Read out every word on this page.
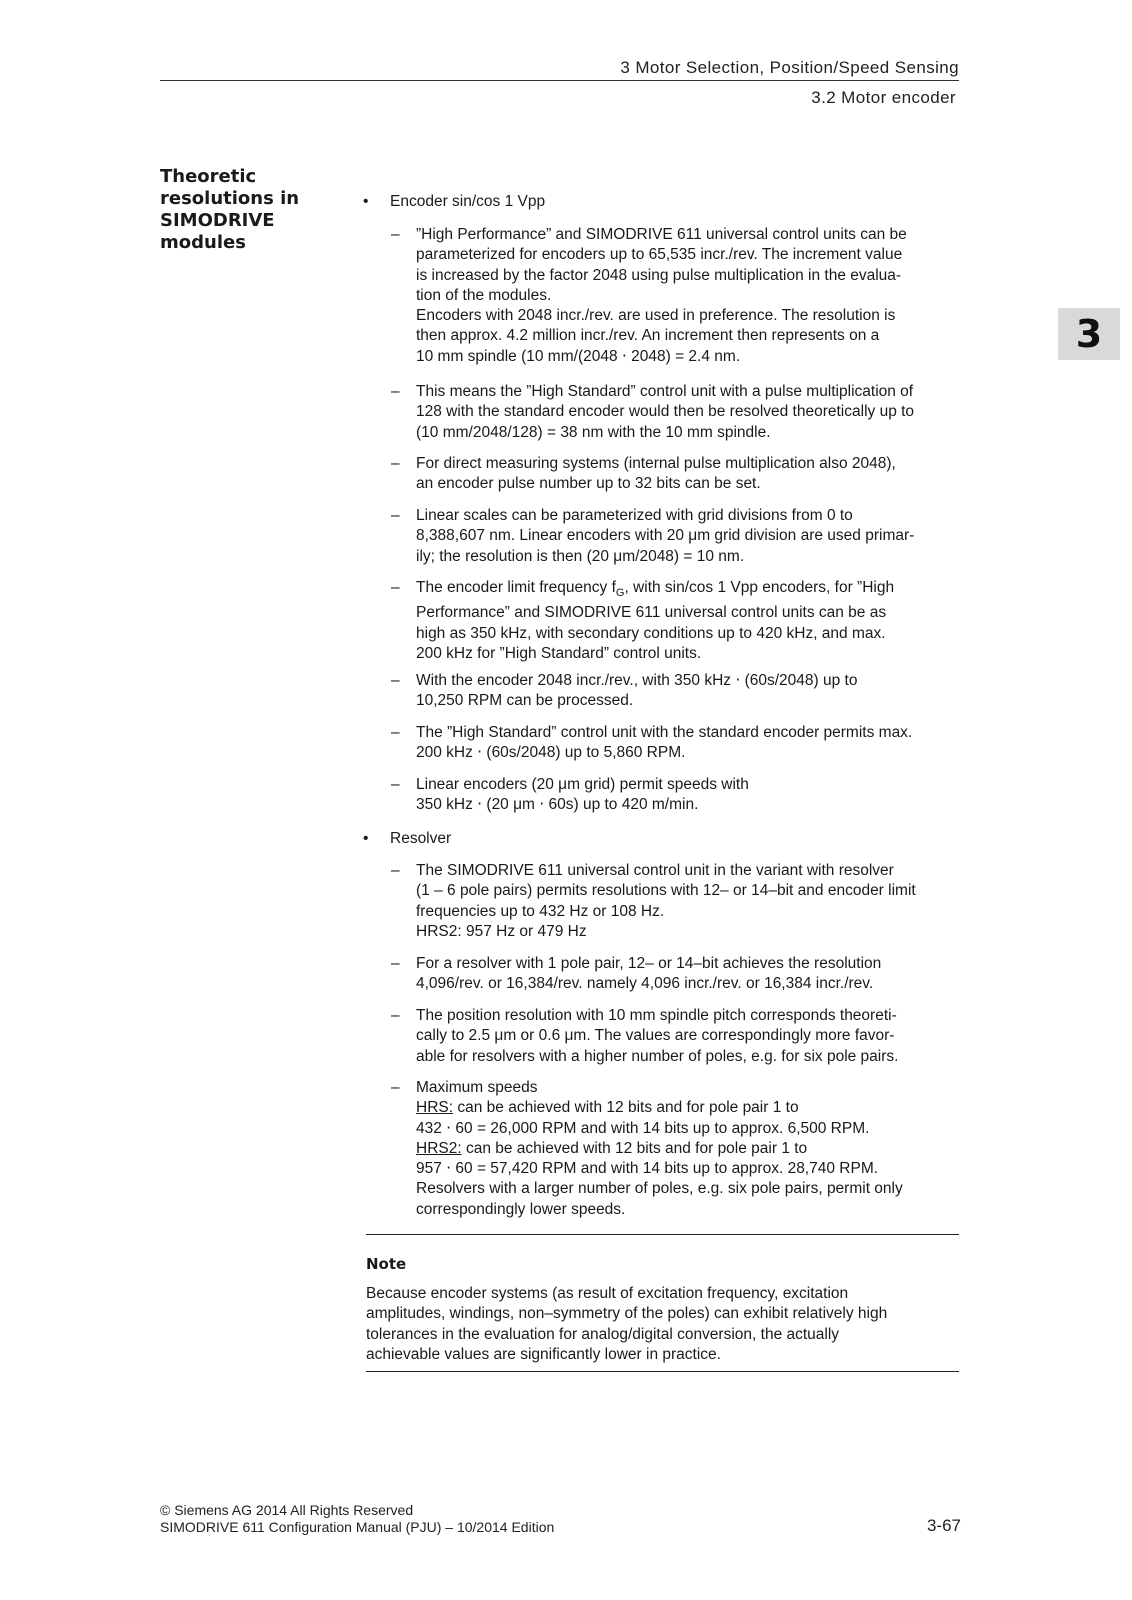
3 Motor Selection, Position/Speed Sensing
3.2 Motor encoder
3
Theoretic
resolutions in
SIMODRIVE
modules
• Encoder sin/cos 1 Vpp
– ”High Performance” and SIMODRIVE 611 universal control units can be
parameterized for encoders up to 65,535 incr./rev. The increment value
is increased by the factor 2048 using pulse multiplication in the evalua-
tion of the modules.
Encoders with 2048 incr./rev. are used in preference. The resolution is
then approx. 4.2 million incr./rev. An increment then represents on a
10 mm spindle (10 mm/(2048 ⋅ 2048) = 2.4 nm.
– This means the ”High Standard” control unit with a pulse multiplication of
128 with the standard encoder would then be resolved theoretically up to
(10 mm/2048/128) = 38 nm with the 10 mm spindle.
– For direct measuring systems (internal pulse multiplication also 2048),
an encoder pulse number up to 32 bits can be set.
– Linear scales can be parameterized with grid divisions from 0 to
8,388,607 nm. Linear encoders with 20 μm grid division are used primar-
ily; the resolution is then (20 μm/2048) = 10 nm.
– The encoder limit frequency $f_G$, with sin/cos 1 Vpp encoders, for ”High
Performance” and SIMODRIVE 611 universal control units can be as
high as 350 kHz, with secondary conditions up to 420 kHz, and max.
200 kHz for ”High Standard” control units.
– With the encoder 2048 incr./rev., with 350 kHz ⋅ (60s/2048) up to
10,250 RPM can be processed.
– The ”High Standard” control unit with the standard encoder permits max.
200 kHz ⋅ (60s/2048) up to 5,860 RPM.
– Linear encoders (20 μm grid) permit speeds with
350 kHz ⋅ (20 μm ⋅ 60s) up to 420 m/min.
• Resolver
– The SIMODRIVE 611 universal control unit in the variant with resolver
(1 – 6 pole pairs) permits resolutions with 12– or 14–bit and encoder limit
frequencies up to 432 Hz or 108 Hz.
HRS2: 957 Hz or 479 Hz
– For a resolver with 1 pole pair, 12– or 14–bit achieves the resolution
4,096/rev. or 16,384/rev. namely 4,096 incr./rev. or 16,384 incr./rev.
– The position resolution with 10 mm spindle pitch corresponds theoreti-
cally to 2.5 μm or 0.6 μm. The values are correspondingly more favor-
able for resolvers with a higher number of poles, e.g. for six pole pairs.
– Maximum speeds
HRS: can be achieved with 12 bits and for pole pair 1 to
432 ⋅ 60 = 26,000 RPM and with 14 bits up to approx. 6,500 RPM.
HRS2: can be achieved with 12 bits and for pole pair 1 to
957 ⋅ 60 = 57,420 RPM and with 14 bits up to approx. 28,740 RPM.
Resolvers with a larger number of poles, e.g. six pole pairs, permit only
correspondingly lower speeds.
Note
Because encoder systems (as result of excitation frequency, excitation
amplitudes, windings, non–symmetry of the poles) can exhibit relatively high
tolerances in the evaluation for analog/digital conversion, the actually
achievable values are significantly lower in practice.
© Siemens AG 2014 All Rights Reserved
SIMODRIVE 611 Configuration Manual (PJU) – 10/2014 Edition	3-67
